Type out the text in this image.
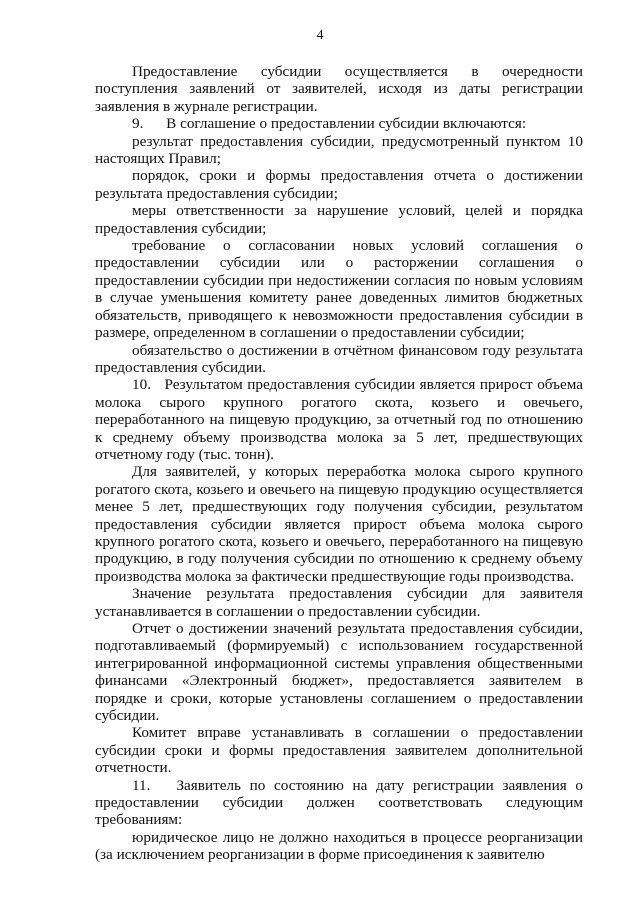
4

Предоставление субсидии осуществляется в очередности поступления заявлений от заявителей, исходя из даты регистрации заявления в журнале регистрации.

9.      В соглашение о предоставлении субсидии включаются:

результат предоставления субсидии, предусмотренный пунктом 10 настоящих Правил;

порядок, сроки и формы предоставления отчета о достижении результата предоставления субсидии;

меры ответственности за нарушение условий, целей и порядка предоставления субсидии;

требование о согласовании новых условий соглашения о предоставлении субсидии или о расторжении соглашения о предоставлении субсидии при недостижении согласия по новым условиям в случае уменьшения комитету ранее доведенных лимитов бюджетных обязательств, приводящего к невозможности предоставления субсидии в размере, определенном в соглашении о предоставлении субсидии;

обязательство о достижении в отчётном финансовом году результата предоставления субсидии.

10.   Результатом предоставления субсидии является прирост объема молока сырого крупного рогатого скота, козьего и овечьего, переработанного на пищевую продукцию, за отчетный год по отношению к среднему объему производства молока за 5 лет, предшествующих отчетному году (тыс. тонн).

Для заявителей, у которых переработка молока сырого крупного рогатого скота, козьего и овечьего на пищевую продукцию осуществляется менее 5 лет, предшествующих году получения субсидии, результатом предоставления субсидии является прирост объема молока сырого крупного рогатого скота, козьего и овечьего, переработанного на пищевую продукцию, в году получения субсидии по отношению к среднему объему производства молока за фактически предшествующие годы производства.

Значение результата предоставления субсидии для заявителя устанавливается в соглашении о предоставлении субсидии.

Отчет о достижении значений результата предоставления субсидии, подготавливаемый (формируемый) с использованием государственной интегрированной информационной системы управления общественными финансами «Электронный бюджет», предоставляется заявителем в порядке и сроки, которые установлены соглашением о предоставлении субсидии.

Комитет вправе устанавливать в соглашении о предоставлении субсидии сроки и формы предоставления заявителем дополнительной отчетности.

11.   Заявитель по состоянию на дату регистрации заявления о предоставлении субсидии должен соответствовать следующим требованиям:

юридическое лицо не должно находиться в процессе реорганизации (за исключением реорганизации в форме присоединения к заявителю
